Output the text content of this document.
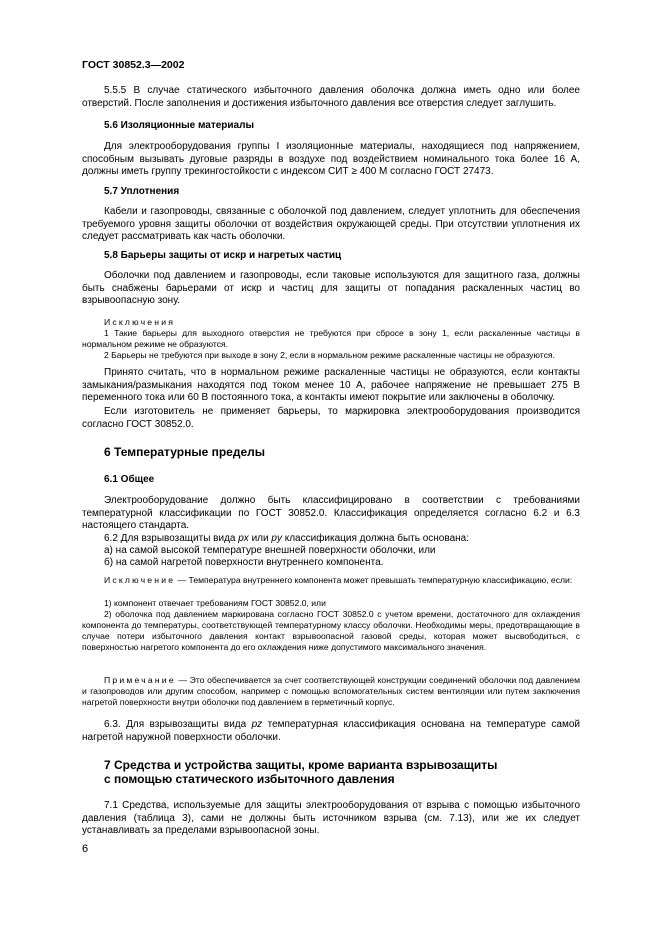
ГОСТ 30852.3—2002

5.5.5 В случае статического избыточного давления оболочка должна иметь одно или более отверстий. После заполнения и достижения избыточного давления все отверстия следует заглушить.

5.6 Изоляционные материалы

Для электрооборудования группы I изоляционные материалы, находящиеся под напряжением, способным вызывать дуговые разряды в воздухе под воздействием номинального тока более 16 А, должны иметь группу трекингостойкости с индексом СИТ ≥ 400 М согласно ГОСТ 27473.

5.7 Уплотнения

Кабели и газопроводы, связанные с оболочкой под давлением, следует уплотнить для обеспечения требуемого уровня защиты оболочки от воздействия окружающей среды. При отсутствии уплотнения их следует рассматривать как часть оболочки.

5.8 Барьеры защиты от искр и нагретых частиц

Оболочки под давлением и газопроводы, если таковые используются для защитного газа, должны быть снабжены барьерами от искр и частиц для защиты от попадания раскаленных частиц во взрывоопасную зону.

Исключения

1 Такие барьеры для выходного отверстия не требуются при сбросе в зону 1, если раскаленные частицы в нормальном режиме не образуются.

2 Барьеры не требуются при выходе в зону 2, если в нормальном режиме раскаленные частицы не образуются.

Принято считать, что в нормальном режиме раскаленные частицы не образуются, если контакты замыкания/размыкания находятся под током менее 10 А, рабочее напряжение не превышает 275 В переменного тока или 60 В постоянного тока, а контакты имеют покрытие или заключены в оболочку.

Если изготовитель не применяет барьеры, то маркировка электрооборудования производится согласно ГОСТ 30852.0.

6 Температурные пределы

6.1 Общее

Электрооборудование должно быть классифицировано в соответствии с требованиями температурной классификации по ГОСТ 30852.0. Классификация определяется согласно 6.2 и 6.3 настоящего стандарта.

6.2 Для взрывозащиты вида px или py классификация должна быть основана:

а) на самой высокой температуре внешней поверхности оболочки, или

б) на самой нагретой поверхности внутреннего компонента.

Исключение — Температура внутреннего компонента может превышать температурную классификацию, если:

1) компонент отвечает требованиям ГОСТ 30852.0, или

2) оболочка под давлением маркирована согласно ГОСТ 30852.0 с учетом времени, достаточного для охлаждения компонента до температуры, соответствующей температурному классу оболочки. Необходимы меры, предотвращающие в случае потери избыточного давления контакт взрывоопасной газовой среды, которая может высвободиться, с поверхностью нагретого компонента до его охлаждения ниже допустимого максимального значения.

Примечание — Это обеспечивается за счет соответствующей конструкции соединений оболочки под давлением и газопроводов или другим способом, например с помощью вспомогательных систем вентиляции или путем заключения нагретой поверхности внутри оболочки под давлением в герметичный корпус.

6.3. Для взрывозащиты вида pz температурная классификация основана на температуре самой нагретой наружной поверхности оболочки.

7 Средства и устройства защиты, кроме варианта взрывозащиты
с помощью статического избыточного давления

7.1 Средства, используемые для защиты электрооборудования от взрыва с помощью избыточного давления (таблица 3), сами не должны быть источником взрыва (см. 7.13), или же их следует устанавливать за пределами взрывоопасной зоны.

6
